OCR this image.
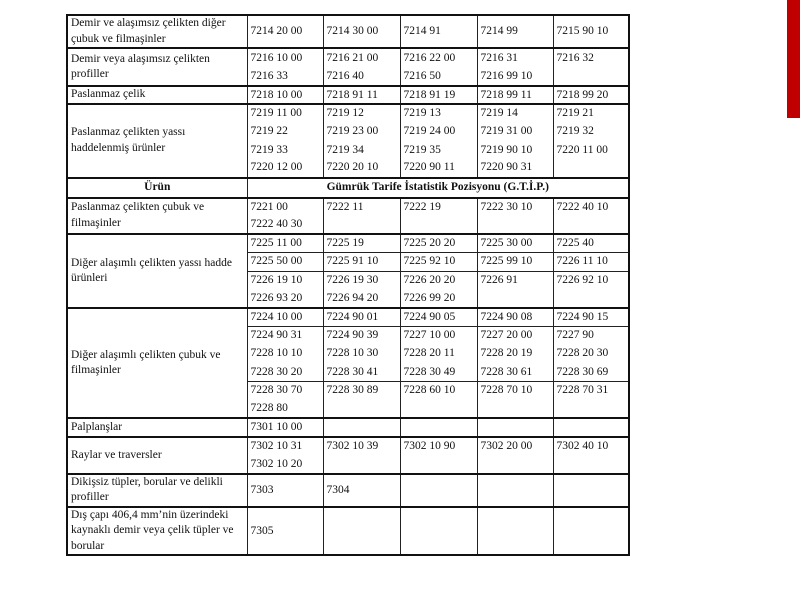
Demir ve alaşımsız çelikten diğer çubuk ve filmaşinler	7214 20 00	7214 30 00	7214 91	7214 99	7215 90 10
Demir veya alaşımsız çelikten profiller	7216 10 00	7216 21 00	7216 22 00	7216 31	7216 32
	7216 33	7216 40	7216 50	7216 99 10	
Paslanmaz çelik	7218 10 00	7218 91 11	7218 91 19	7218 99 11	7218 99 20
Paslanmaz çelikten yassı haddelenmiş ürünler	7219 11 00	7219 12	7219 13	7219 14	7219 21
	7219 22	7219 23 00	7219 24 00	7219 31 00	7219 32
	7219 33	7219 34	7219 35	7219 90 10	7220 11 00
	7220 12 00	7220 20 10	7220 90 11	7220 90 31	
Ürün	Gümrük Tarife İstatistik Pozisyonu (G.T.İ.P.)				
Paslanmaz çelikten çubuk ve filmaşinler	7221 00	7222 11	7222 19	7222 30 10	7222 40 10
	7222 40 30				
Diğer alaşımlı çelikten yassı hadde ürünleri	7225 11 00	7225 19	7225 20 20	7225 30 00	7225 40
	7225 50 00	7225 91 10	7225 92 10	7225 99 10	7226 11 10
	7226 19 10	7226 19 30	7226 20 20	7226 91	7226 92 10
	7226 93 20	7226 94 20	7226 99 20		
Diğer alaşımlı çelikten çubuk ve filmaşinler	7224 10 00	7224 90 01	7224 90 05	7224 90 08	7224 90 15
	7224 90 31	7224 90 39	7227 10 00	7227 20 00	7227 90
	7228 10 10	7228 10 30	7228 20 11	7228 20 19	7228 20 30
	7228 30 20	7228 30 41	7228 30 49	7228 30 61	7228 30 69
	7228 30 70	7228 30 89	7228 60 10	7228 70 10	7228 70 31
	7228 80				
Palplanşlar	7301 10 00				
Raylar ve traversler	7302 10 31	7302 10 39	7302 10 90	7302 20 00	7302 40 10
	7302 10 20				
Dikişsiz tüpler, borular ve delikli profiller	7303	7304			
Dış çapı 406,4 mm’nin üzerindeki kaynaklı demir veya çelik tüpler ve borular	7305				
